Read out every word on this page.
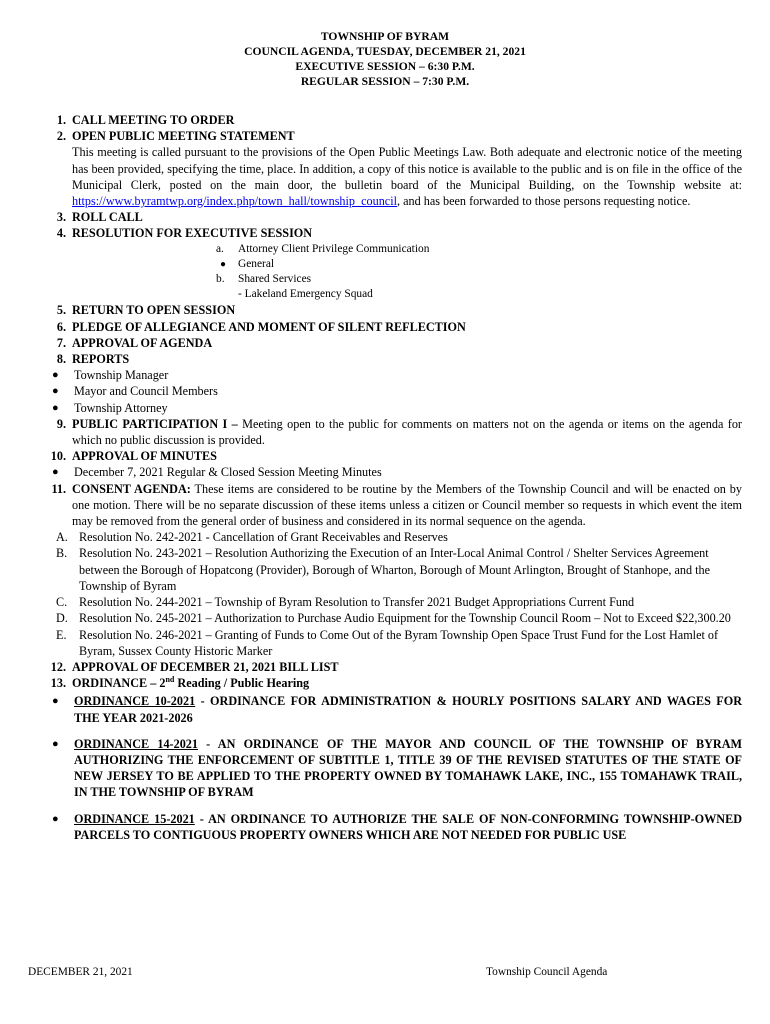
TOWNSHIP OF BYRAM
COUNCIL AGENDA, TUESDAY, DECEMBER 21, 2021
EXECUTIVE SESSION – 6:30 P.M.
REGULAR SESSION – 7:30 P.M.
1. CALL MEETING TO ORDER
2. OPEN PUBLIC MEETING STATEMENT
This meeting is called pursuant to the provisions of the Open Public Meetings Law. Both adequate and electronic notice of the meeting has been provided, specifying the time, place. In addition, a copy of this notice is available to the public and is on file in the office of the Municipal Clerk, posted on the main door, the bulletin board of the Municipal Building, on the Township website at: https://www.byramtwp.org/index.php/town_hall/township_council, and has been forwarded to those persons requesting notice.
3. ROLL CALL
4. RESOLUTION FOR EXECUTIVE SESSION
a. Attorney Client Privilege Communication
● General
b. Shared Services
- Lakeland Emergency Squad
5. RETURN TO OPEN SESSION
6. PLEDGE OF ALLEGIANCE AND MOMENT OF SILENT REFLECTION
7. APPROVAL OF AGENDA
8. REPORTS
● Township Manager
● Mayor and Council Members
● Township Attorney
9. PUBLIC PARTICIPATION I – Meeting open to the public for comments on matters not on the agenda or items on the agenda for which no public discussion is provided.
10. APPROVAL OF MINUTES
● December 7, 2021 Regular & Closed Session Meeting Minutes
11. CONSENT AGENDA: These items are considered to be routine by the Members of the Township Council and will be enacted on by one motion. There will be no separate discussion of these items unless a citizen or Council member so requests in which event the item may be removed from the general order of business and considered in its normal sequence on the agenda.
A. Resolution No. 242-2021 - Cancellation of Grant Receivables and Reserves
B. Resolution No. 243-2021 – Resolution Authorizing the Execution of an Inter-Local Animal Control / Shelter Services Agreement between the Borough of Hopatcong (Provider), Borough of Wharton, Borough of Mount Arlington, Brought of Stanhope, and the Township of Byram
C. Resolution No. 244-2021 – Township of Byram Resolution to Transfer 2021 Budget Appropriations Current Fund
D. Resolution No. 245-2021 – Authorization to Purchase Audio Equipment for the Township Council Room – Not to Exceed $22,300.20
E. Resolution No. 246-2021 – Granting of Funds to Come Out of the Byram Township Open Space Trust Fund for the Lost Hamlet of Byram, Sussex County Historic Marker
12. APPROVAL OF DECEMBER 21, 2021 BILL LIST
13. ORDINANCE – 2nd Reading / Public Hearing
● ORDINANCE 10-2021 - ORDINANCE FOR ADMINISTRATION & HOURLY POSITIONS SALARY AND WAGES FOR THE YEAR 2021-2026
● ORDINANCE 14-2021 - AN ORDINANCE OF THE MAYOR AND COUNCIL OF THE TOWNSHIP OF BYRAM AUTHORIZING THE ENFORCEMENT OF SUBTITLE 1, TITLE 39 OF THE REVISED STATUTES OF THE STATE OF NEW JERSEY TO BE APPLIED TO THE PROPERTY OWNED BY TOMAHAWK LAKE, INC., 155 TOMAHAWK TRAIL, IN THE TOWNSHIP OF BYRAM
● ORDINANCE 15-2021 - AN ORDINANCE TO AUTHORIZE THE SALE OF NON-CONFORMING TOWNSHIP-OWNED PARCELS TO CONTIGUOUS PROPERTY OWNERS WHICH ARE NOT NEEDED FOR PUBLIC USE
DECEMBER 21, 2021	Township Council Agenda
